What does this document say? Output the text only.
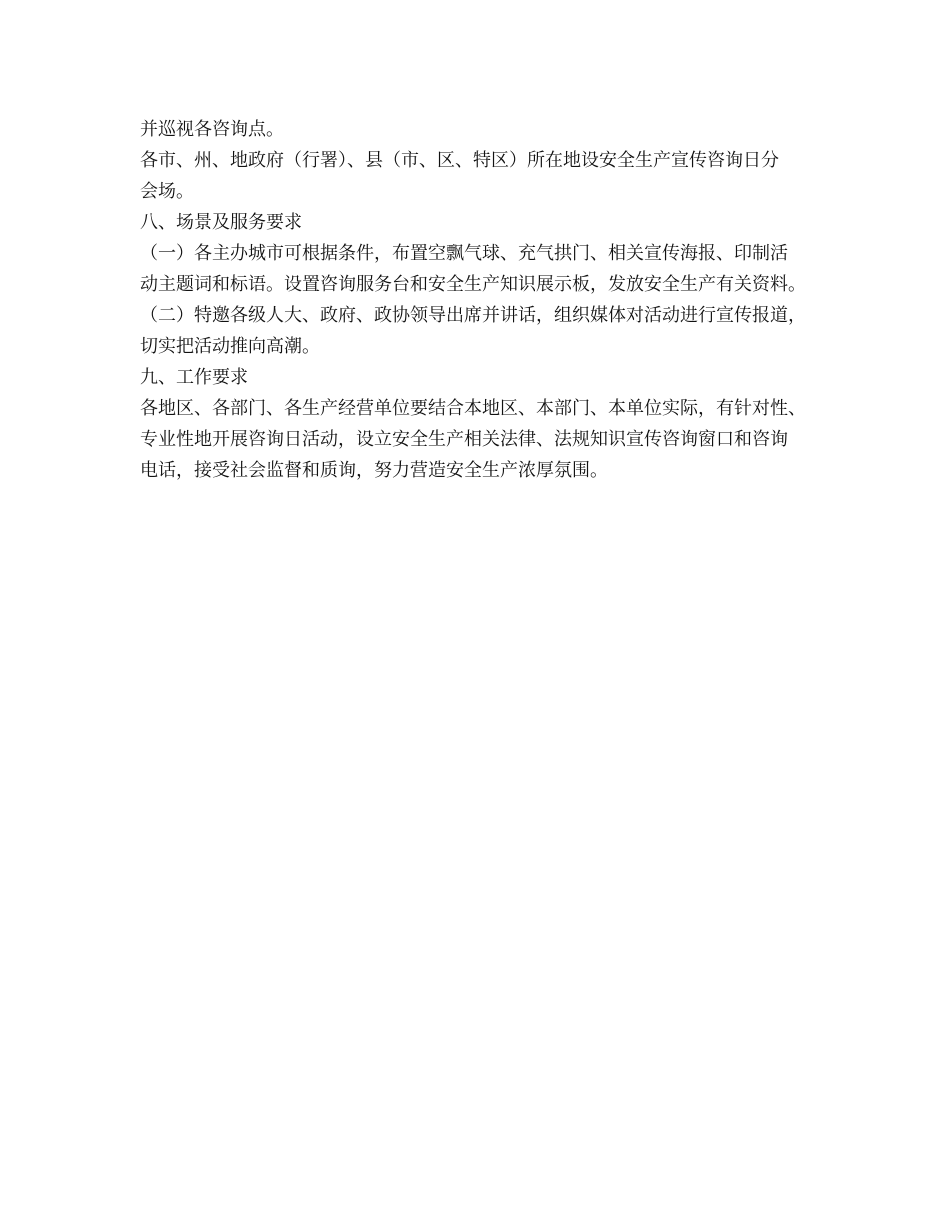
并巡视各咨询点。
各市、州、地政府（行署）、县（市、区、特区）所在地设安全生产宣传咨询日分
会场。
八、场景及服务要求
（一）各主办城市可根据条件，布置空飘气球、充气拱门、相关宣传海报、印制活
动主题词和标语。设置咨询服务台和安全生产知识展示板，发放安全生产有关资料。
（二）特邀各级人大、政府、政协领导出席并讲话，组织媒体对活动进行宣传报道，
切实把活动推向高潮。
九、工作要求
各地区、各部门、各生产经营单位要结合本地区、本部门、本单位实际，有针对性、
专业性地开展咨询日活动，设立安全生产相关法律、法规知识宣传咨询窗口和咨询
电话，接受社会监督和质询，努力营造安全生产浓厚氛围。
